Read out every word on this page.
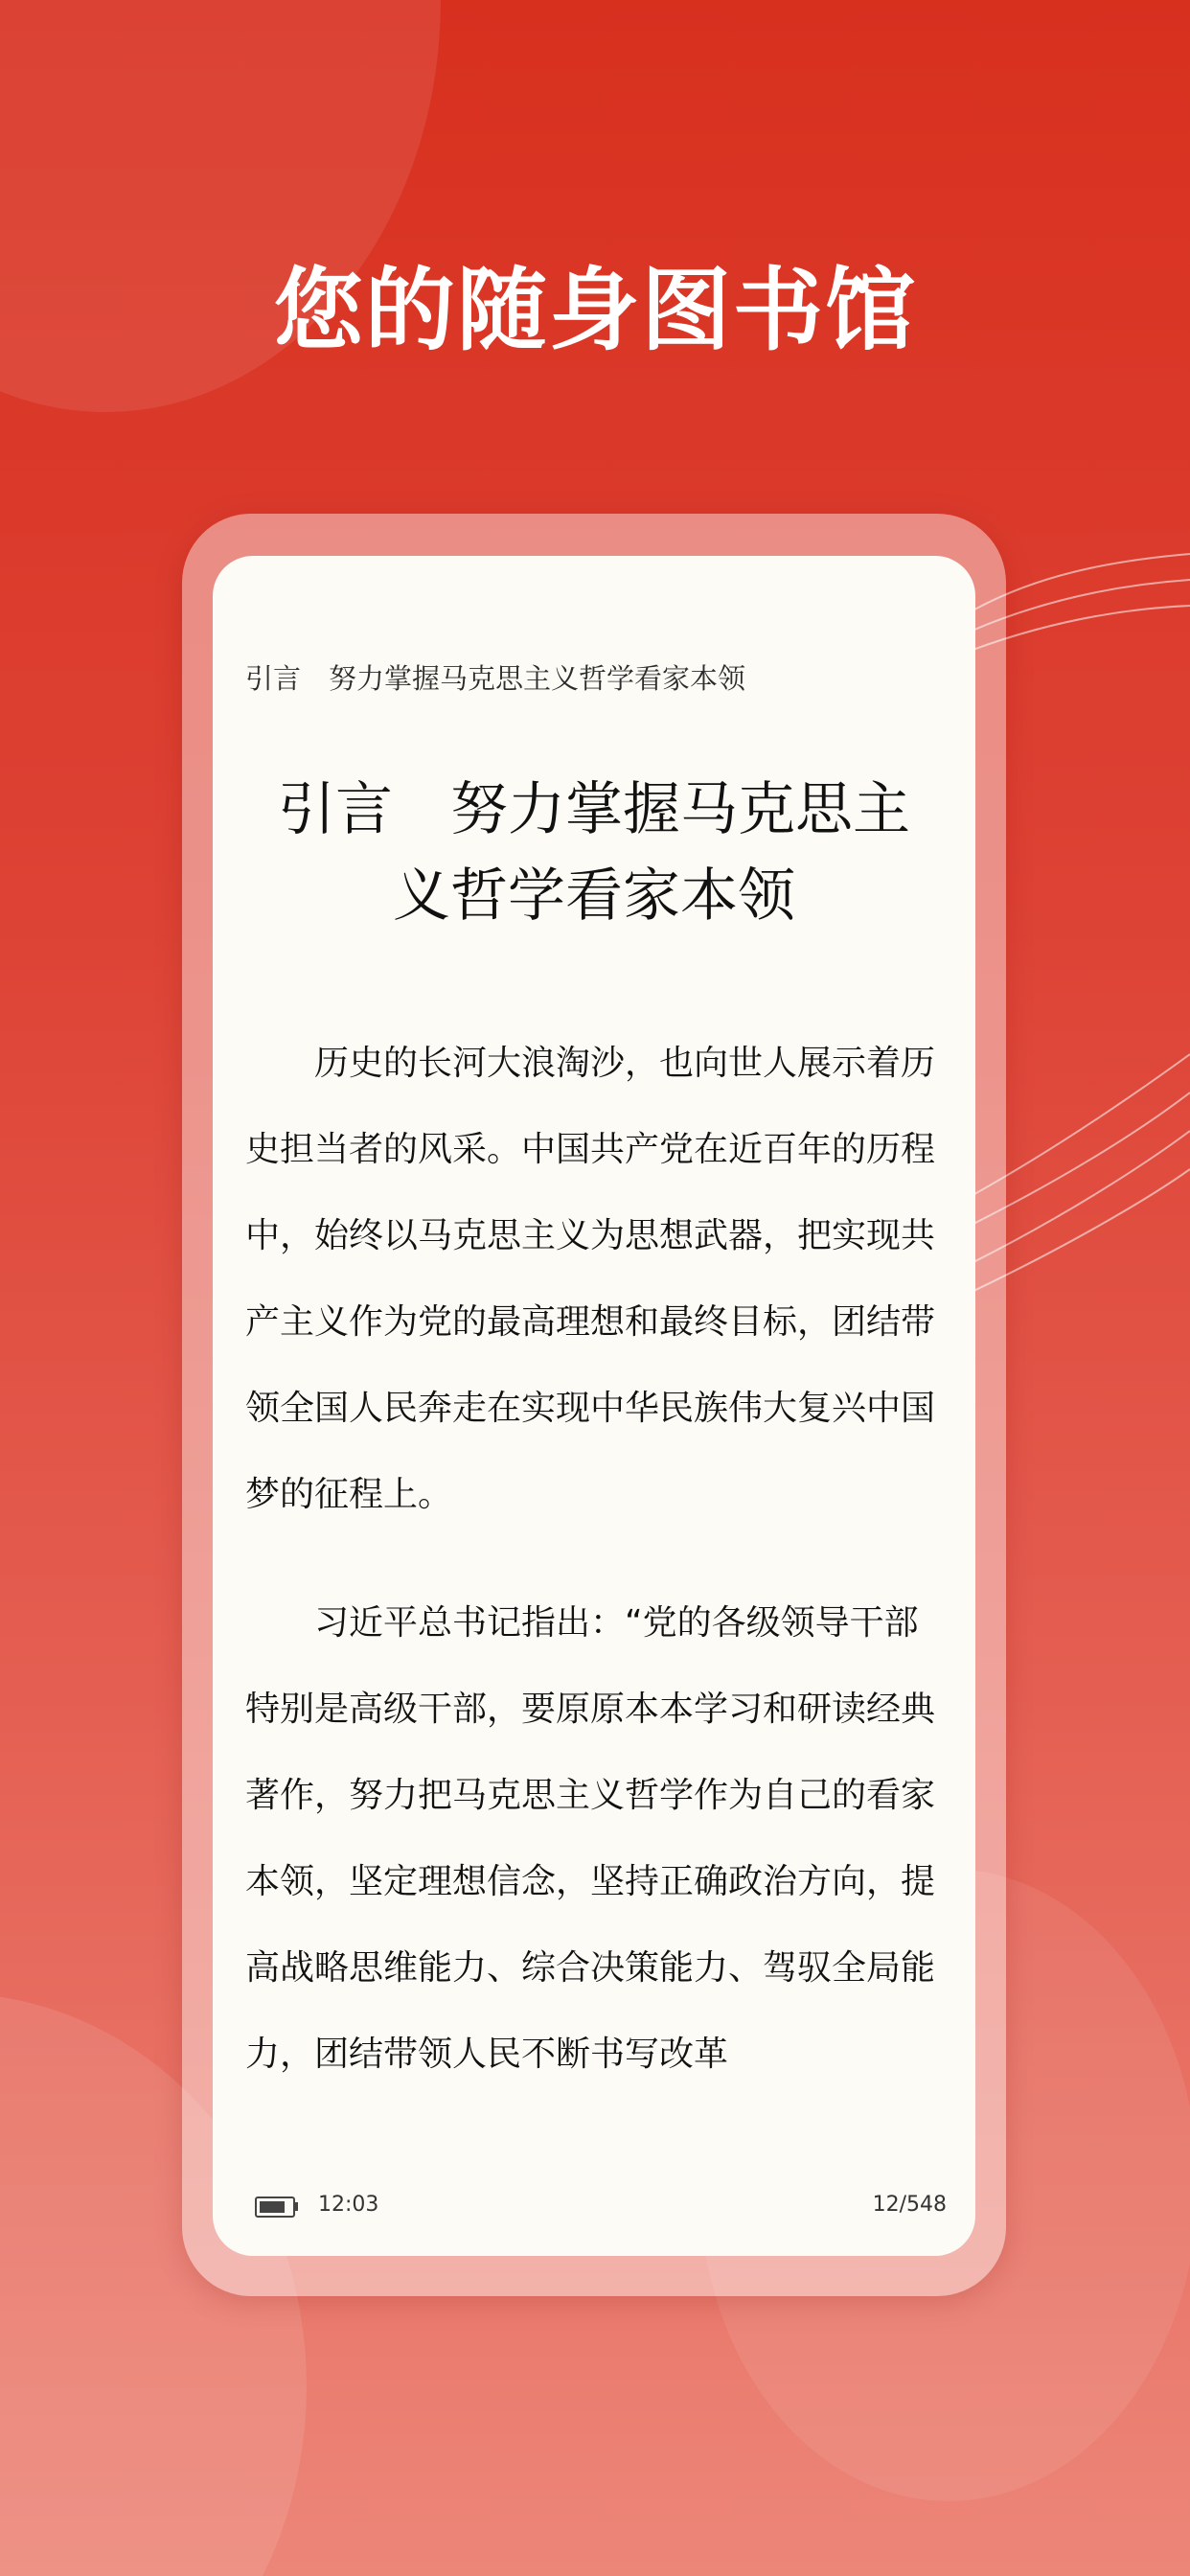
您的随身图书馆
引言　努力掌握马克思主义哲学看家本领
引言　努力掌握马克思主
义哲学看家本领

　　历史的长河大浪淘沙，也向世人展示着历史担当者的风采。中国共产党在近百年的历程中，始终以马克思主义为思想武器，把实现共产主义作为党的最高理想和最终目标，团结带领全国人民奔走在实现中华民族伟大复兴中国梦的征程上。

　　习近平总书记指出：“党的各级领导干部特别是高级干部，要原原本本学习和研读经典著作，努力把马克思主义哲学作为自己的看家本领，坚定理想信念，坚持正确政治方向，提高战略思维能力、综合决策能力、驾驭全局能力，团结带领人民不断书写改革

12:03	12/548
